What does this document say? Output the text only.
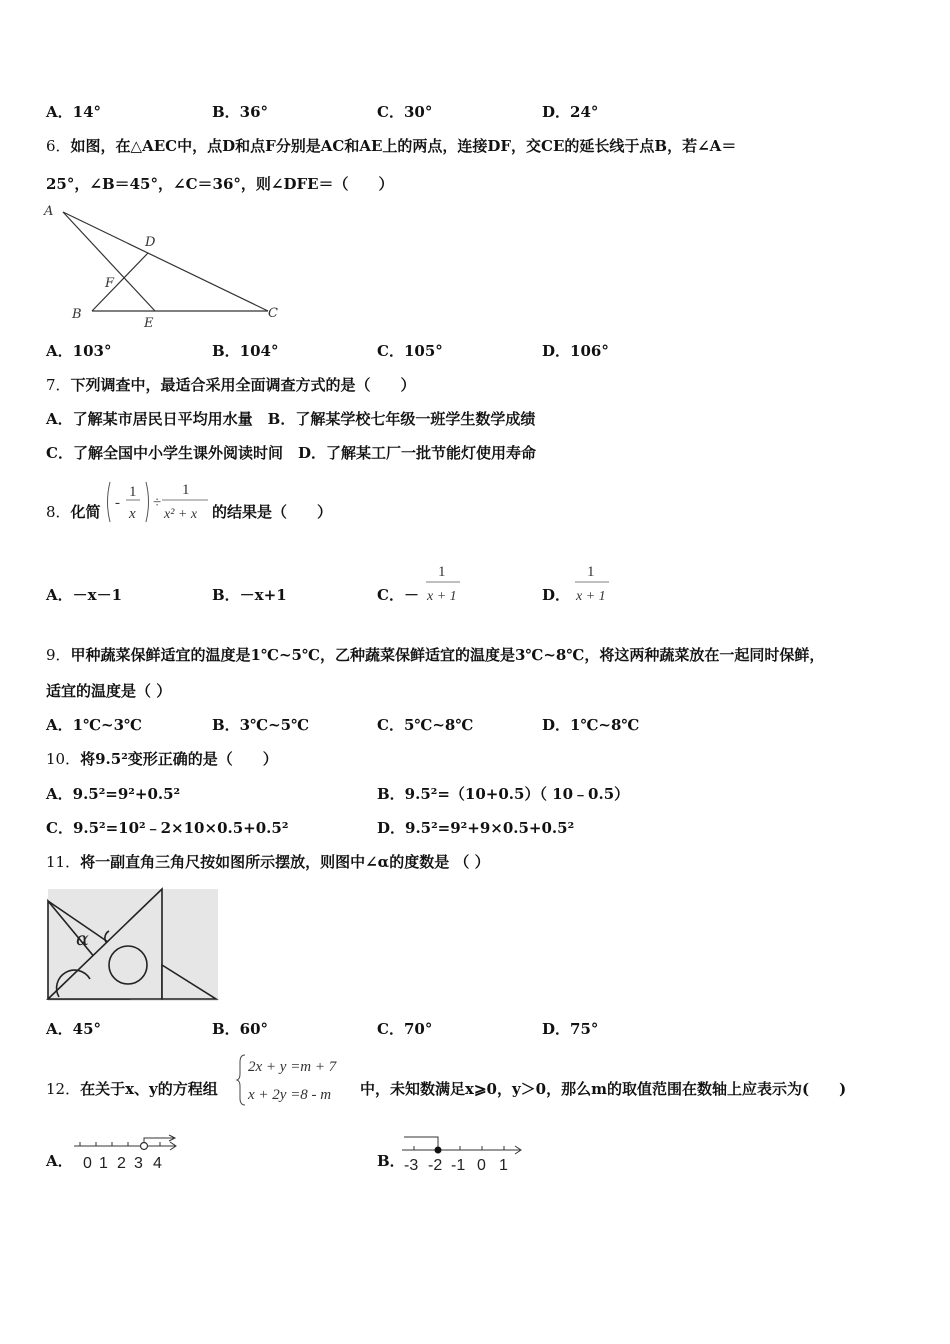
A．14°	B．36°	C．30°	D．24°
6．如图，在△AEC中，点D和点F分别是AC和AE上的两点，连接DF，交CE的延长线于点B，若∠A＝
25°，∠B＝45°，∠C＝36°，则∠DFE＝（　　）
A
D
F
B
E
C
A．103°	B．104°	C．105°	D．106°
7．下列调查中，最适合采用全面调查方式的是（　　）
A．了解某市居民日平均用水量　B．了解某学校七年级一班学生数学成绩
C．了解全国中小学生课外阅读时间　D．了解某工厂一批节能灯使用寿命
8．化简 -
1
x
÷
1
x² + x 的结果是（　　）
A．－x－1	B．－x+1	C．－
1
x + 1	D．
1
x + 1
9．甲种蔬菜保鲜适宜的温度是1℃~5℃，乙种蔬菜保鲜适宜的温度是3℃~8℃，将这两种蔬菜放在一起同时保鲜，
适宜的温度是（ ）
A．1℃~3℃	B．3℃~5℃	C．5℃~8℃	D．1℃~8℃
10．将9.5²变形正确的是（　　）
A．9.5²=9²+0.5²	B．9.5²=（10+0.5）（ 10﹣0.5）
C．9.5²=10²﹣2×10×0.5+0.5²	D．9.5²=9²+9×0.5+0.5²
11．将一副直角三角尺按如图所示摆放，则图中∠α的度数是 （ ）
α
A．45°	B．60°	C．70°	D．75°
12．在关于x、y的方程组
2x + y =m + 7
x + 2y =8 - m 中，未知数满足x⩾0，y＞0，那么m的取值范围在数轴上应表示为(　　)
A． 0 1 2 3 4	B． -3 -2 -1 0 1
